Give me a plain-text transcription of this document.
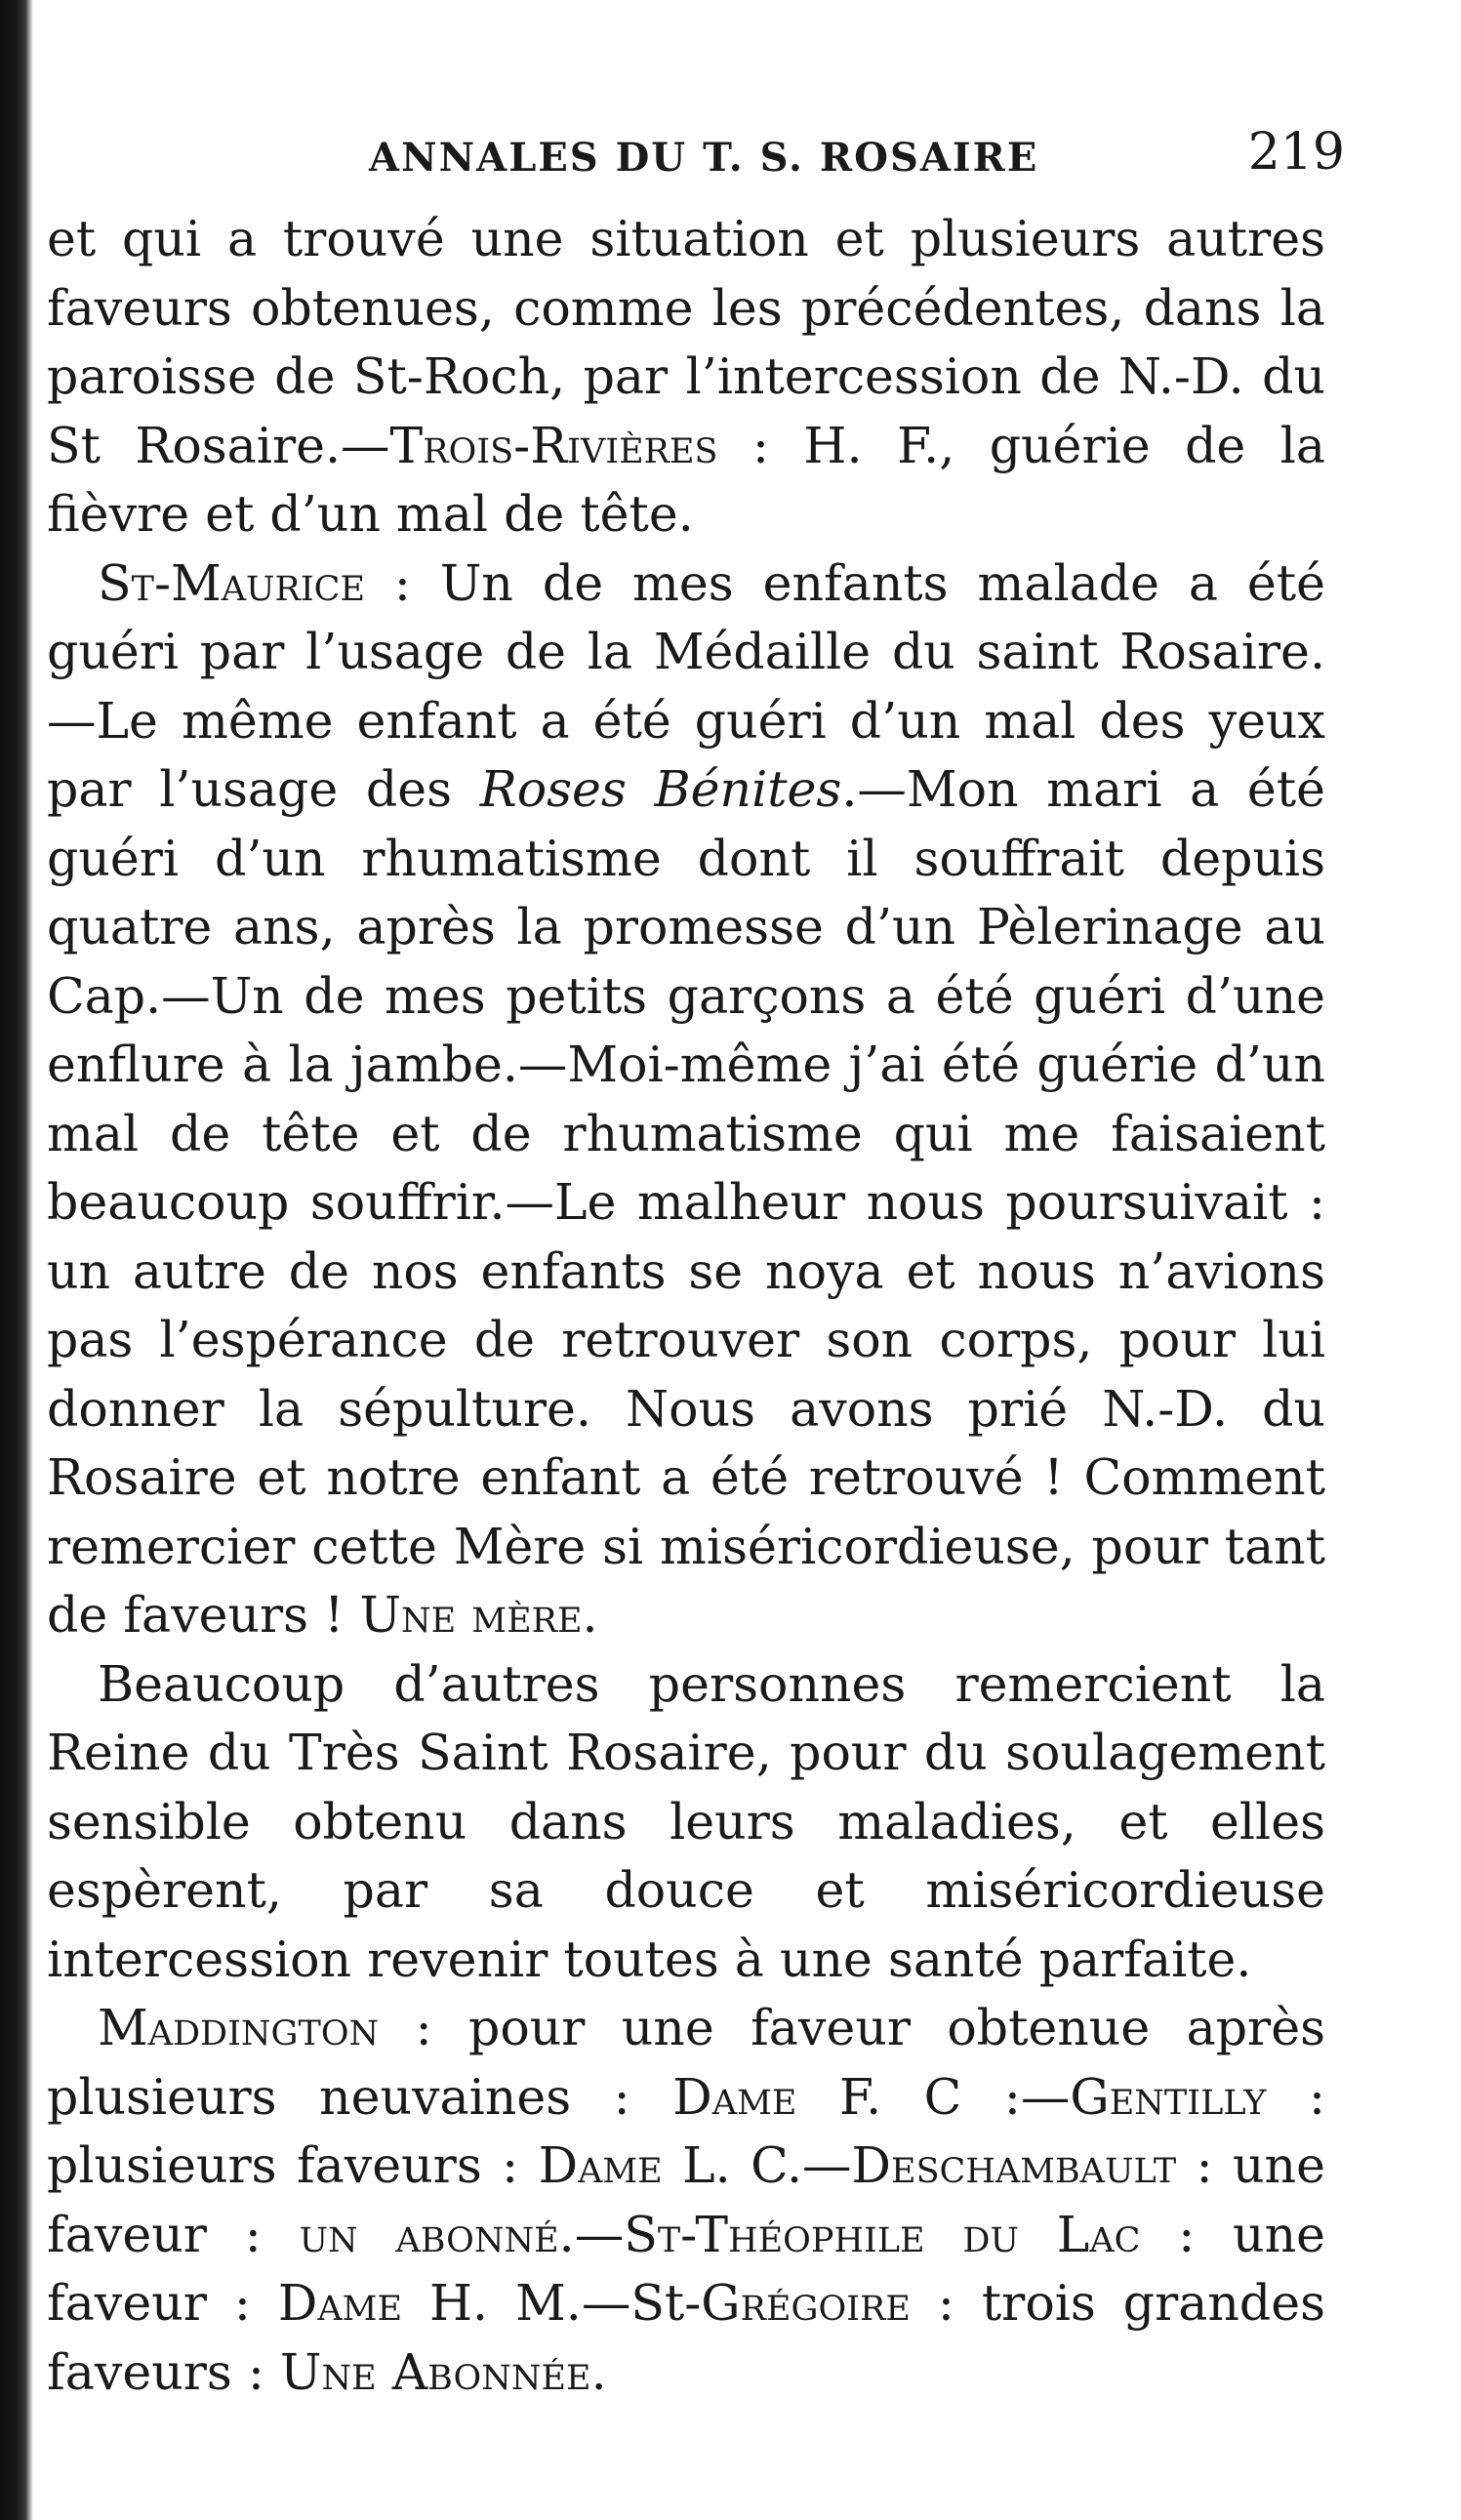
ANNALES DU T. S. ROSAIRE	219

et qui a trouvé une situation et plusieurs autres faveurs obtenues, comme les précédentes, dans la paroisse de St-Roch, par l’intercession de N.-D. du St Rosaire.—Trois-Rivières : H. F., guérie de la fièvre et d’un mal de tête.

St-Maurice : Un de mes enfants malade a été guéri par l’usage de la Médaille du saint Rosaire. —Le même enfant a été guéri d’un mal des yeux par l’usage des Roses Bénites.—Mon mari a été guéri d’un rhumatisme dont il souffrait depuis quatre ans, après la promesse d’un Pèlerinage au Cap.—Un de mes petits garçons a été guéri d’une enflure à la jambe.—Moi-même j’ai été guérie d’un mal de tête et de rhumatisme qui me faisaient beaucoup souffrir.—Le malheur nous poursuivait : un autre de nos enfants se noya et nous n’avions pas l’espérance de retrouver son corps, pour lui donner la sépulture. Nous avons prié N.-D. du Rosaire et notre enfant a été retrouvé ! Comment remercier cette Mère si miséricordieuse, pour tant de faveurs ! Une mère.

Beaucoup d’autres personnes remercient la Reine du Très Saint Rosaire, pour du soulagement sensible obtenu dans leurs maladies, et elles espèrent, par sa douce et miséricordieuse intercession revenir toutes à une santé parfaite.

Maddington : pour une faveur obtenue après plusieurs neuvaines : Dame F. C :—Gentilly : plusieurs faveurs : Dame L. C.—Deschambault : une faveur : un abonné.—St-Théophile du Lac : une faveur : Dame H. M.—St-Grégoire : trois grandes faveurs : Une Abonnée.
